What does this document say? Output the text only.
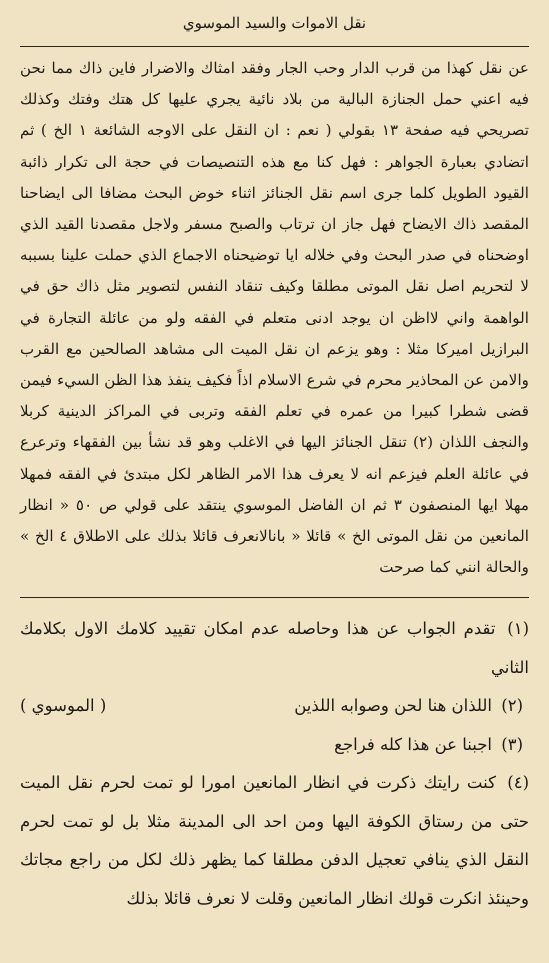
نقل الاموات والسيد الموسوي

عن نقل كهذا من قرب الدار وحب الجار وفقد امثاك والاضرار فاين ذاك مما نحن فيه اعني حمل الجنازة البالية من بلاد نائية يجري عليها كل هتك وفتك وكذلك تصريحي فيه صفحة ١٣ بقولي ( نعم : ان النقل على الاوجه الشائعة ١ الخ ) ثم اتضادي بعبارة الجواهر : فهل كنا مع هذه التنصيصات في حجة الى تكرار ذائبة القيود الطويل كلما جرى اسم نقل الجنائز اثناء خوض البحث مضافا الى ايضاحنا المقصد ذاك الايضاح فهل جاز ان ترتاب والصبح مسفر ولاجل مقصدنا القيد الذي اوضحناه في صدر البحث وفي خلاله ايا توضيحناه الاجماع الذي حملت علينا بسببه لا لتحريم اصل نقل الموتى مطلقا وكيف تنقاد النفس لتصوير مثل ذاك حق في الواهمة واني لااظن ان يوجد ادنى متعلم في الفقه ولو من عائلة التجارة في البرازيل اميركا مثلا : وهو يزعم ان نقل الميت الى مشاهد الصالحين مع القرب والامن عن المحاذير محرم في شرع الاسلام اذاً فكيف ينفذ هذا الظن السيء فيمن قضى شطرا كبيرا من عمره في تعلم الفقه وتربى في المراكز الدينية كربلا والنجف اللذان (٢) تنقل الجنائز اليها في الاغلب وهو قد نشأ بين الفقهاء وترعرع في عائلة العلم فيزعم انه لا يعرف هذا الامر الظاهر لكل مبتدئ في الفقه فمهلا مهلا ايها المنصفون ٣ ثم ان الفاضل الموسوي ينتقد على قولي ص ٥٠ « انظار المانعين من نقل الموتى الخ » قائلا « بانالانعرف قائلا بذلك على الاطلاق ٤ الخ » والحالة انني كما صرحت

(١) تقدم الجواب عن هذا وحاصله عدم امكان تقييد كلامك الاول بكلامك الثاني

( الموسوي )	(٢) اللذان هنا لحن وصوابه اللذين

(٣) اجبنا عن هذا كله فراجع

(٤) كنت رايتك ذكرت في انظار المانعين امورا لو تمت لحرم نقل الميت حتى من رستاق الكوفة اليها ومن احد الى المدينة مثلا بل لو تمت لحرم النقل الذي ينافي تعجيل الدفن مطلقا كما يظهر ذلك لكل من راجع مجاتك وحينئذ انكرت قولك انظار المانعين وقلت لا نعرف قائلا بذلك
